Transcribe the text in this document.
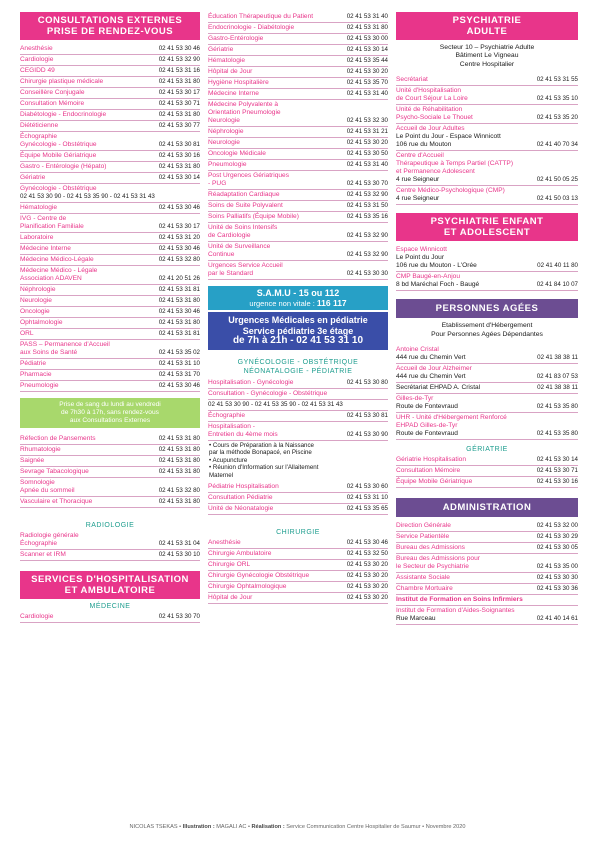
CONSULTATIONS EXTERNES
PRISE DE RENDEZ-VOUS
Anesthésie	02 41 53 30 46
Cardiologie	02 41 53 32 90
CEGIDD 49	02 41 53 31 16
Chirurgie plastique médicale	02 41 53 31 80
Conseillère Conjugale	02 41 53 30 17
Consultation Mémoire	02 41 53 30 71
Diabétologie - Endocrinologie	02 41 53 31 80
Diététicienne	02 41 53 30 77
Échographie
Gynécologie - Obstétrique	02 41 53 30 81
Équipe Mobile Gériatrique	02 41 53 30 16
Gastro - Entérologie (Hépato)	02 41 53 31 80
Gériatrie	02 41 53 30 14
Gynécologie - Obstétrique
02 41 53 30 90 - 02 41 53 35 90 - 02 41 53 31 43
Hématologie	02 41 53 30 46
IVG - Centre de
Planification Familiale	02 41 53 30 17
Laboratoire	02 41 53 31 20
Médecine Interne	02 41 53 30 46
Médecine Médico-Légale	02 41 53 32 80
Médecine Médico - Légale
Association ADAVEN	02 41 20 51 26
Néphrologie	02 41 53 31 81
Neurologie	02 41 53 31 80
Oncologie	02 41 53 30 46
Ophtalmologie	02 41 53 31 80
ORL	02 41 53 31 81
PASS – Permanence d'Accueil
aux Soins de Santé	02 41 53 35 02
Pédiatrie	02 41 53 31 10
Pharmacie	02 41 53 31 70
Pneumologie	02 41 53 30 46
Prise de sang du lundi au vendredi
de 7h30 à 17h, sans rendez-vous
aux Consultations Externes
Réfection de Pansements	02 41 53 31 80
Rhumatologie	02 41 53 31 80
Saignée	02 41 53 31 80
Sevrage Tabacologique	02 41 53 31 80
Somnologie
Apnée du sommeil	02 41 53 32 80
Vasculaire et Thoracique	02 41 53 31 80
RADIOLOGIE
Radiologie générale
Échographie	02 41 53 31 04
Scanner et IRM	02 41 53 30 10
SERVICES D'HOSPITALISATION
ET AMBULATOIRE
MÉDECINE
Cardiologie	02 41 53 30 70
Éducation Thérapeutique du Patient	02 41 53 31 40
Endocrinologie - Diabétologie	02 41 53 31 80
Gastro-Entérologie	02 41 53 30 00
Gériatrie	02 41 53 30 14
Hématologie	02 41 53 35 44
Hôpital de Jour	02 41 53 30 20
Hygiène Hospitalière	02 41 53 35 70
Médecine Interne	02 41 53 31 40
Médecine Polyvalente à
Orientation Pneumologie
Neurologie	02 41 53 32 30
Néphrologie	02 41 53 31 21
Neurologie	02 41 53 30 20
Oncologie Médicale	02 41 53 30 50
Pneumologie	02 41 53 31 40
Post Urgences Gériatriques
- PUG	02 41 53 30 70
Réadaptation Cardiaque	02 41 53 32 90
Soins de Suite Polyvalent	02 41 53 31 50
Soins Palliatifs (Équipe Mobile)	02 41 53 35 16
Unité de Soins Intensifs
de Cardiologie	02 41 53 32 90
Unité de Surveillance
Continue	02 41 53 32 90
Urgences Service Accueil
par le Standard	02 41 53 30 30
S.A.M.U - 15 ou 112
urgence non vitale : 116 117
Urgences Médicales en pédiatrie
Service pédiatrie 3e étage
de 7h à 21h - 02 41 53 31 10
GYNÉCOLOGIE - OBSTÉTRIQUE
NÉONATALOGIE - PÉDIATRIE
Hospitalisation - Gynécologie	02 41 53 30 80
Consultation - Gynécologie - Obstétrique
02 41 53 30 90 - 02 41 53 35 90 - 02 41 53 31 43
Échographie	02 41 53 30 81
Hospitalisation -
Entretien du 4ème mois	02 41 53 30 90
• Cours de Préparation à la Naissance
par la méthode Bonapacé, en Piscine
• Acupuncture
• Réunion d'Information sur l'Allaitement
Maternel
Pédiatrie Hospitalisation	02 41 53 30 60
Consultation Pédiatrie	02 41 53 31 10
Unité de Néonatalogie	02 41 53 35 65
CHIRURGIE
Anesthésie	02 41 53 30 46
Chirurgie Ambulatoire	02 41 53 32 50
Chirurgie ORL	02 41 53 30 20
Chirurgie Gynécologie Obstétrique	02 41 53 30 20
Chirurgie Ophtalmologique	02 41 53 30 20
Hôpital de Jour	02 41 53 30 20
PSYCHIATRIE
ADULTE
Secteur 10 – Psychiatrie Adulte
Bâtiment Le Vigneau
Centre Hospitalier
Secrétariat	02 41 53 31 55
Unité d'Hospitalisation
de Court Séjour La Loire	02 41 53 35 10
Unité de Réhabilitation
Psycho-Sociale Le Thouet	02 41 53 35 20
Accueil de Jour Adultes
Le Point du Jour - Espace Winnicott
106 rue du Mouton	02 41 40 70 34
Centre d'Accueil
Thérapeutique à Temps Partiel (CATTP)
et Permanence Adolescent
4 rue Seigneur	02 41 50 05 25
Centre Médico-Psychologique (CMP)
4 rue Seigneur	02 41 50 03 13
PSYCHIATRIE ENFANT
ET ADOLESCENT
Espace Winnicott
Le Point du Jour
106 rue du Mouton - L'Orée	02 41 40 11 80
CMP Baugé-en-Anjou
8 bd Maréchal Foch - Baugé	02 41 84 10 07
PERSONNES AGÉES
Etablissement d'Hébergement
Pour Personnes Agées Dépendantes
Antoine Cristal
444 rue du Chemin Vert	02 41 38 38 11
Accueil de Jour Alzheimer
444 rue du Chemin Vert	02 41 83 07 53
Secrétariat EHPAD A. Cristal	02 41 38 38 11
Gilles-de-Tyr
Route de Fontevraud	02 41 53 35 80
UHR - Unité d'Hébergement Renforcé
EHPAD Gilles-de-Tyr
Route de Fontevraud	02 41 53 35 80
GÉRIATRIE
Gériatrie Hospitalisation	02 41 53 30 14
Consultation Mémoire	02 41 53 30 71
Équipe Mobile Gériatrique	02 41 53 30 16
ADMINISTRATION
Direction Générale	02 41 53 32 00
Service Patientèle	02 41 53 30 29
Bureau des Admissions	02 41 53 30 05
Bureau des Admissions pour
le Secteur de Psychiatrie	02 41 53 35 00
Assistante Sociale	02 41 53 30 30
Chambre Mortuaire	02 41 53 30 36
Institut de Formation en Soins Infirmiers
Institut de Formation d'Aides-Soignantes
Rue Marceau	02 41 40 14 61
NICOLAS TSEKAS • Illustration : MAGALI AC • Réalisation : Service Communication Centre Hospitalier de Saumur • Novembre 2020
